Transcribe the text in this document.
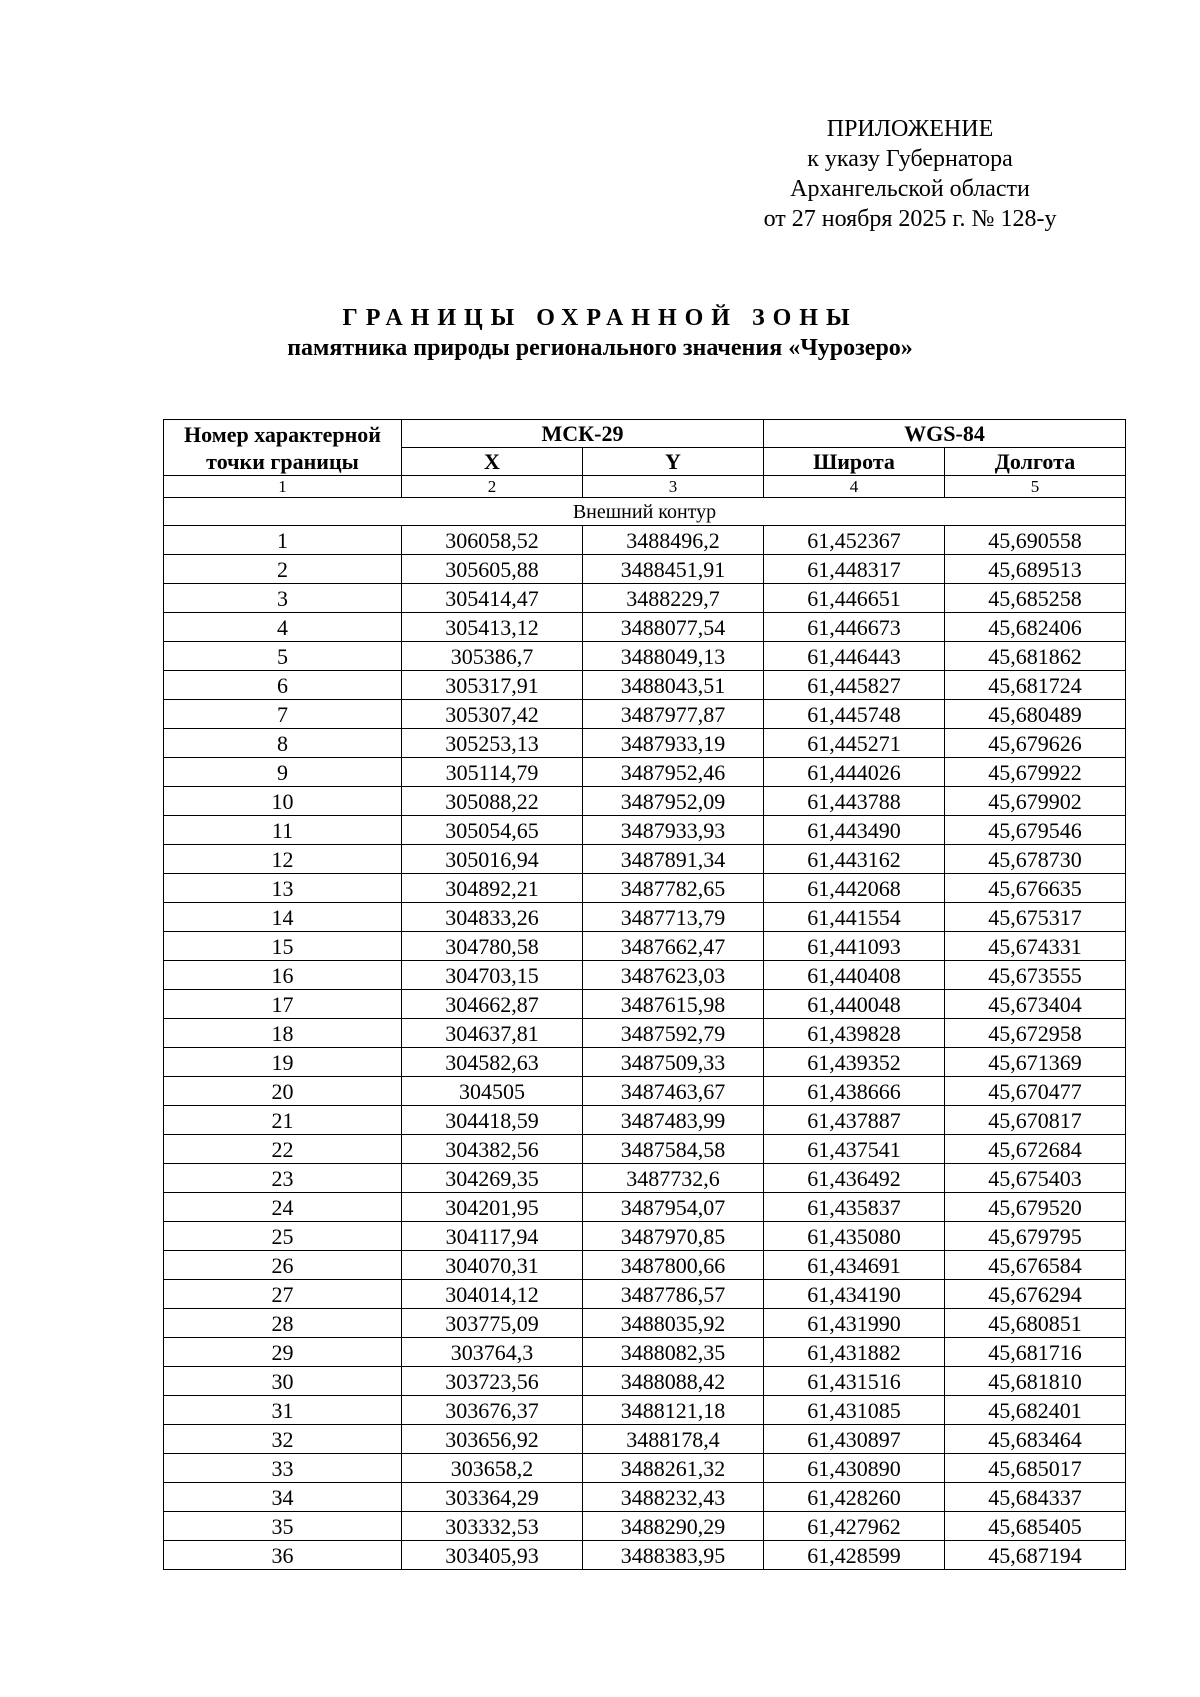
ПРИЛОЖЕНИЕ
к указу Губернатора
Архангельской области
от 27 ноября 2025 г. № 128-у
ГРАНИЦЫ ОХРАННОЙ ЗОНЫ
памятника природы регионального значения «Чурозеро»
Номер характерной точки границы	МСК-29		WGS-84	
	X	Y	Широта	Долгота
1	2	3	4	5
Внешний контур				
1	306058,52	3488496,2	61,452367	45,690558
2	305605,88	3488451,91	61,448317	45,689513
3	305414,47	3488229,7	61,446651	45,685258
4	305413,12	3488077,54	61,446673	45,682406
5	305386,7	3488049,13	61,446443	45,681862
6	305317,91	3488043,51	61,445827	45,681724
7	305307,42	3487977,87	61,445748	45,680489
8	305253,13	3487933,19	61,445271	45,679626
9	305114,79	3487952,46	61,444026	45,679922
10	305088,22	3487952,09	61,443788	45,679902
11	305054,65	3487933,93	61,443490	45,679546
12	305016,94	3487891,34	61,443162	45,678730
13	304892,21	3487782,65	61,442068	45,676635
14	304833,26	3487713,79	61,441554	45,675317
15	304780,58	3487662,47	61,441093	45,674331
16	304703,15	3487623,03	61,440408	45,673555
17	304662,87	3487615,98	61,440048	45,673404
18	304637,81	3487592,79	61,439828	45,672958
19	304582,63	3487509,33	61,439352	45,671369
20	304505	3487463,67	61,438666	45,670477
21	304418,59	3487483,99	61,437887	45,670817
22	304382,56	3487584,58	61,437541	45,672684
23	304269,35	3487732,6	61,436492	45,675403
24	304201,95	3487954,07	61,435837	45,679520
25	304117,94	3487970,85	61,435080	45,679795
26	304070,31	3487800,66	61,434691	45,676584
27	304014,12	3487786,57	61,434190	45,676294
28	303775,09	3488035,92	61,431990	45,680851
29	303764,3	3488082,35	61,431882	45,681716
30	303723,56	3488088,42	61,431516	45,681810
31	303676,37	3488121,18	61,431085	45,682401
32	303656,92	3488178,4	61,430897	45,683464
33	303658,2	3488261,32	61,430890	45,685017
34	303364,29	3488232,43	61,428260	45,684337
35	303332,53	3488290,29	61,427962	45,685405
36	303405,93	3488383,95	61,428599	45,687194
